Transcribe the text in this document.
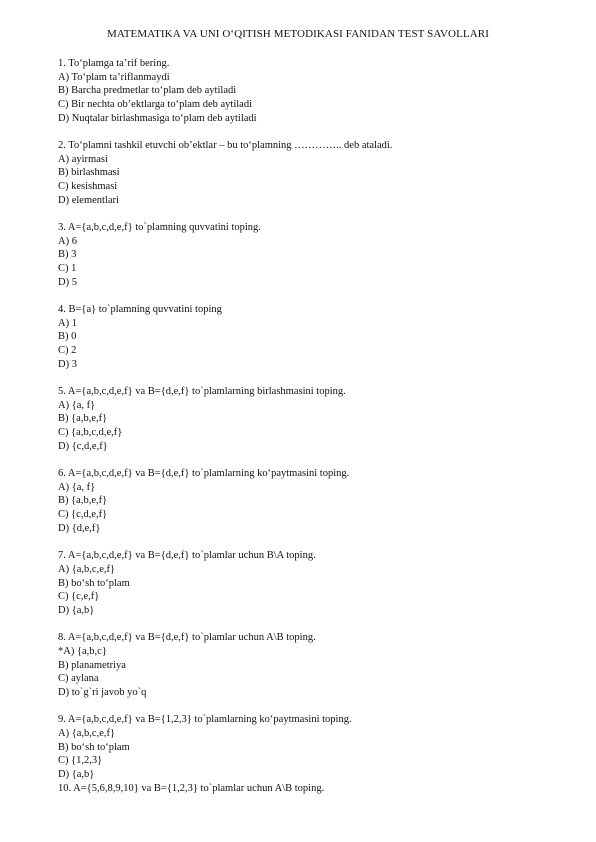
MATEMATIKA VA UNI O‘QITISH METODIKASI FANIDAN TEST SAVOLLARI
1. To‘plamga ta’rif bering.
A) To‘plam ta’riflanmaydi
B) Barcha predmetlar to‘plam deb aytiladi
C) Bir nechta ob’ektlarga to‘plam deb aytiladi
D) Nuqtalar birlashmasiga to‘plam deb aytiladi
2. To‘plamni tashkil etuvchi ob’ektlar – bu to‘plamning ………….. deb ataladi.
A) ayirmasi
B) birlashmasi
C) kesishmasi
D) elementlari
3. A={a,b,c,d,e,f} to`plamning quvvatini toping.
A) 6
B) 3
C) 1
D) 5
4. B={a} to`plamning quvvatini toping
A) 1
B) 0
C) 2
D) 3
5. A={a,b,c,d,e,f} va B={d,e,f} to`plamlarning birlashmasini toping.
A) {a, f}
B) {a,b,e,f}
C) {a,b,c,d,e,f}
D) {c,d,e,f}
6. A={a,b,c,d,e,f} va B={d,e,f} to`plamlarning ko‘paytmasini toping.
A) {a, f}
B) {a,b,e,f}
C) {c,d,e,f}
D) {d,e,f}
7. A={a,b,c,d,e,f} va B={d,e,f} to`plamlar uchun B\A toping.
A) {a,b,c,e,f}
B) bo‘sh to‘plam
C) {c,e,f}
D) {a,b}
8. A={a,b,c,d,e,f} va B={d,e,f} to`plamlar uchun A\B toping.
*A) {a,b,c}
B) planametriya
C) aylana
D) to`g`ri javob yo`q
9. A={a,b,c,d,e,f} va B={1,2,3} to`plamlarning ko‘paytmasini toping.
A) {a,b,c,e,f}
B) bo‘sh to‘plam
C) {1,2,3}
D) {a,b}
10. A={5,6,8,9,10} va B={1,2,3} to`plamlar uchun A\B toping.
